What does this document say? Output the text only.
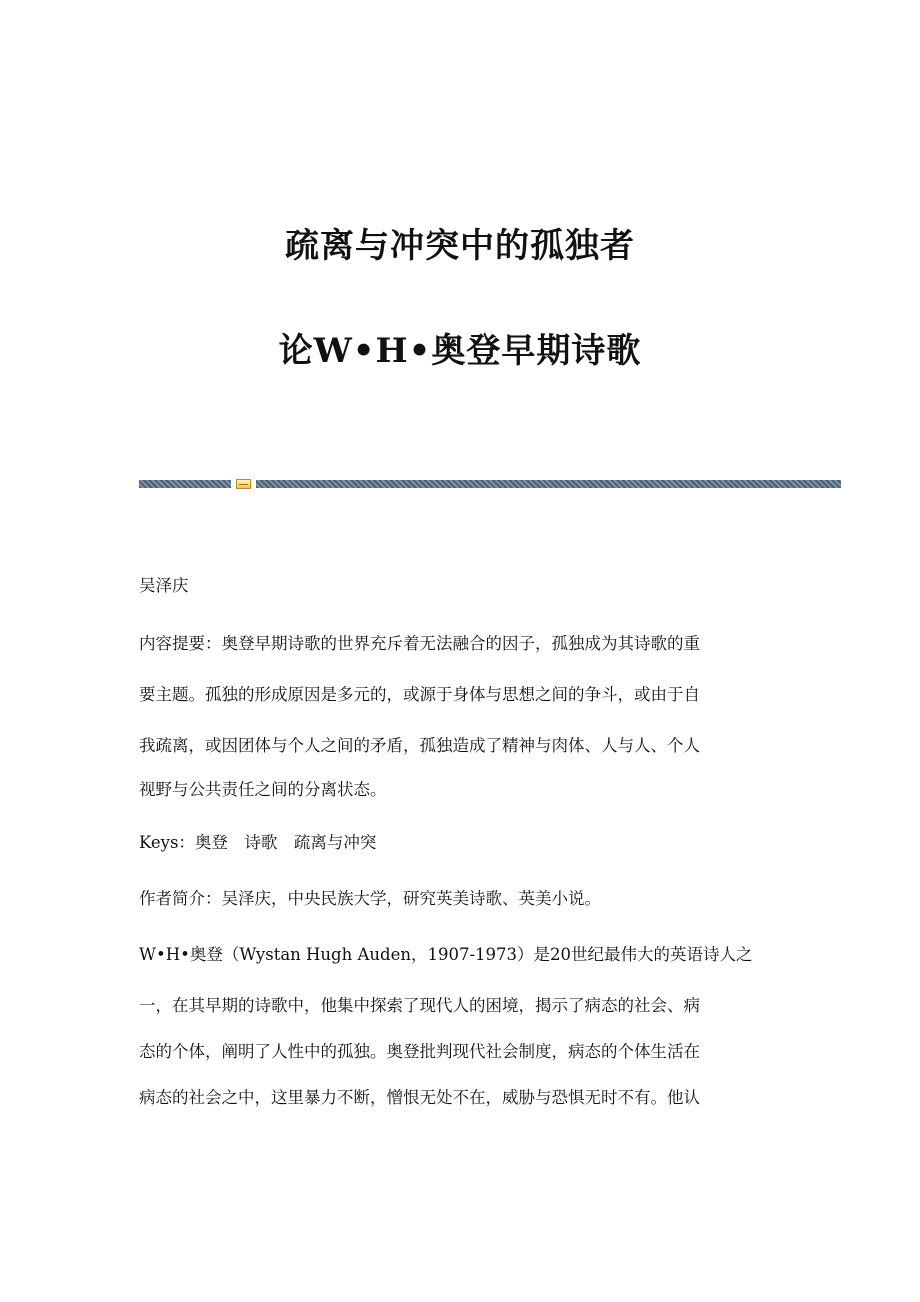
疏离与冲突中的孤独者
论W•H•奥登早期诗歌
吴泽庆
内容提要：奥登早期诗歌的世界充斥着无法融合的因子，孤独成为其诗歌的重
要主题。孤独的形成原因是多元的，或源于身体与思想之间的争斗，或由于自
我疏离，或因团体与个人之间的矛盾，孤独造成了精神与肉体、人与人、个人
视野与公共责任之间的分离状态。
Keys：奥登　诗歌　疏离与冲突
作者简介：吴泽庆，中央民族大学，研究英美诗歌、英美小说。
W•H•奥登（Wystan Hugh Auden，1907-1973）是20世纪最伟大的英语诗人之
一，在其早期的诗歌中，他集中探索了现代人的困境，揭示了病态的社会、病
态的个体，阐明了人性中的孤独。奥登批判现代社会制度，病态的个体生活在
病态的社会之中，这里暴力不断，憎恨无处不在，威胁与恐惧无时不有。他认
